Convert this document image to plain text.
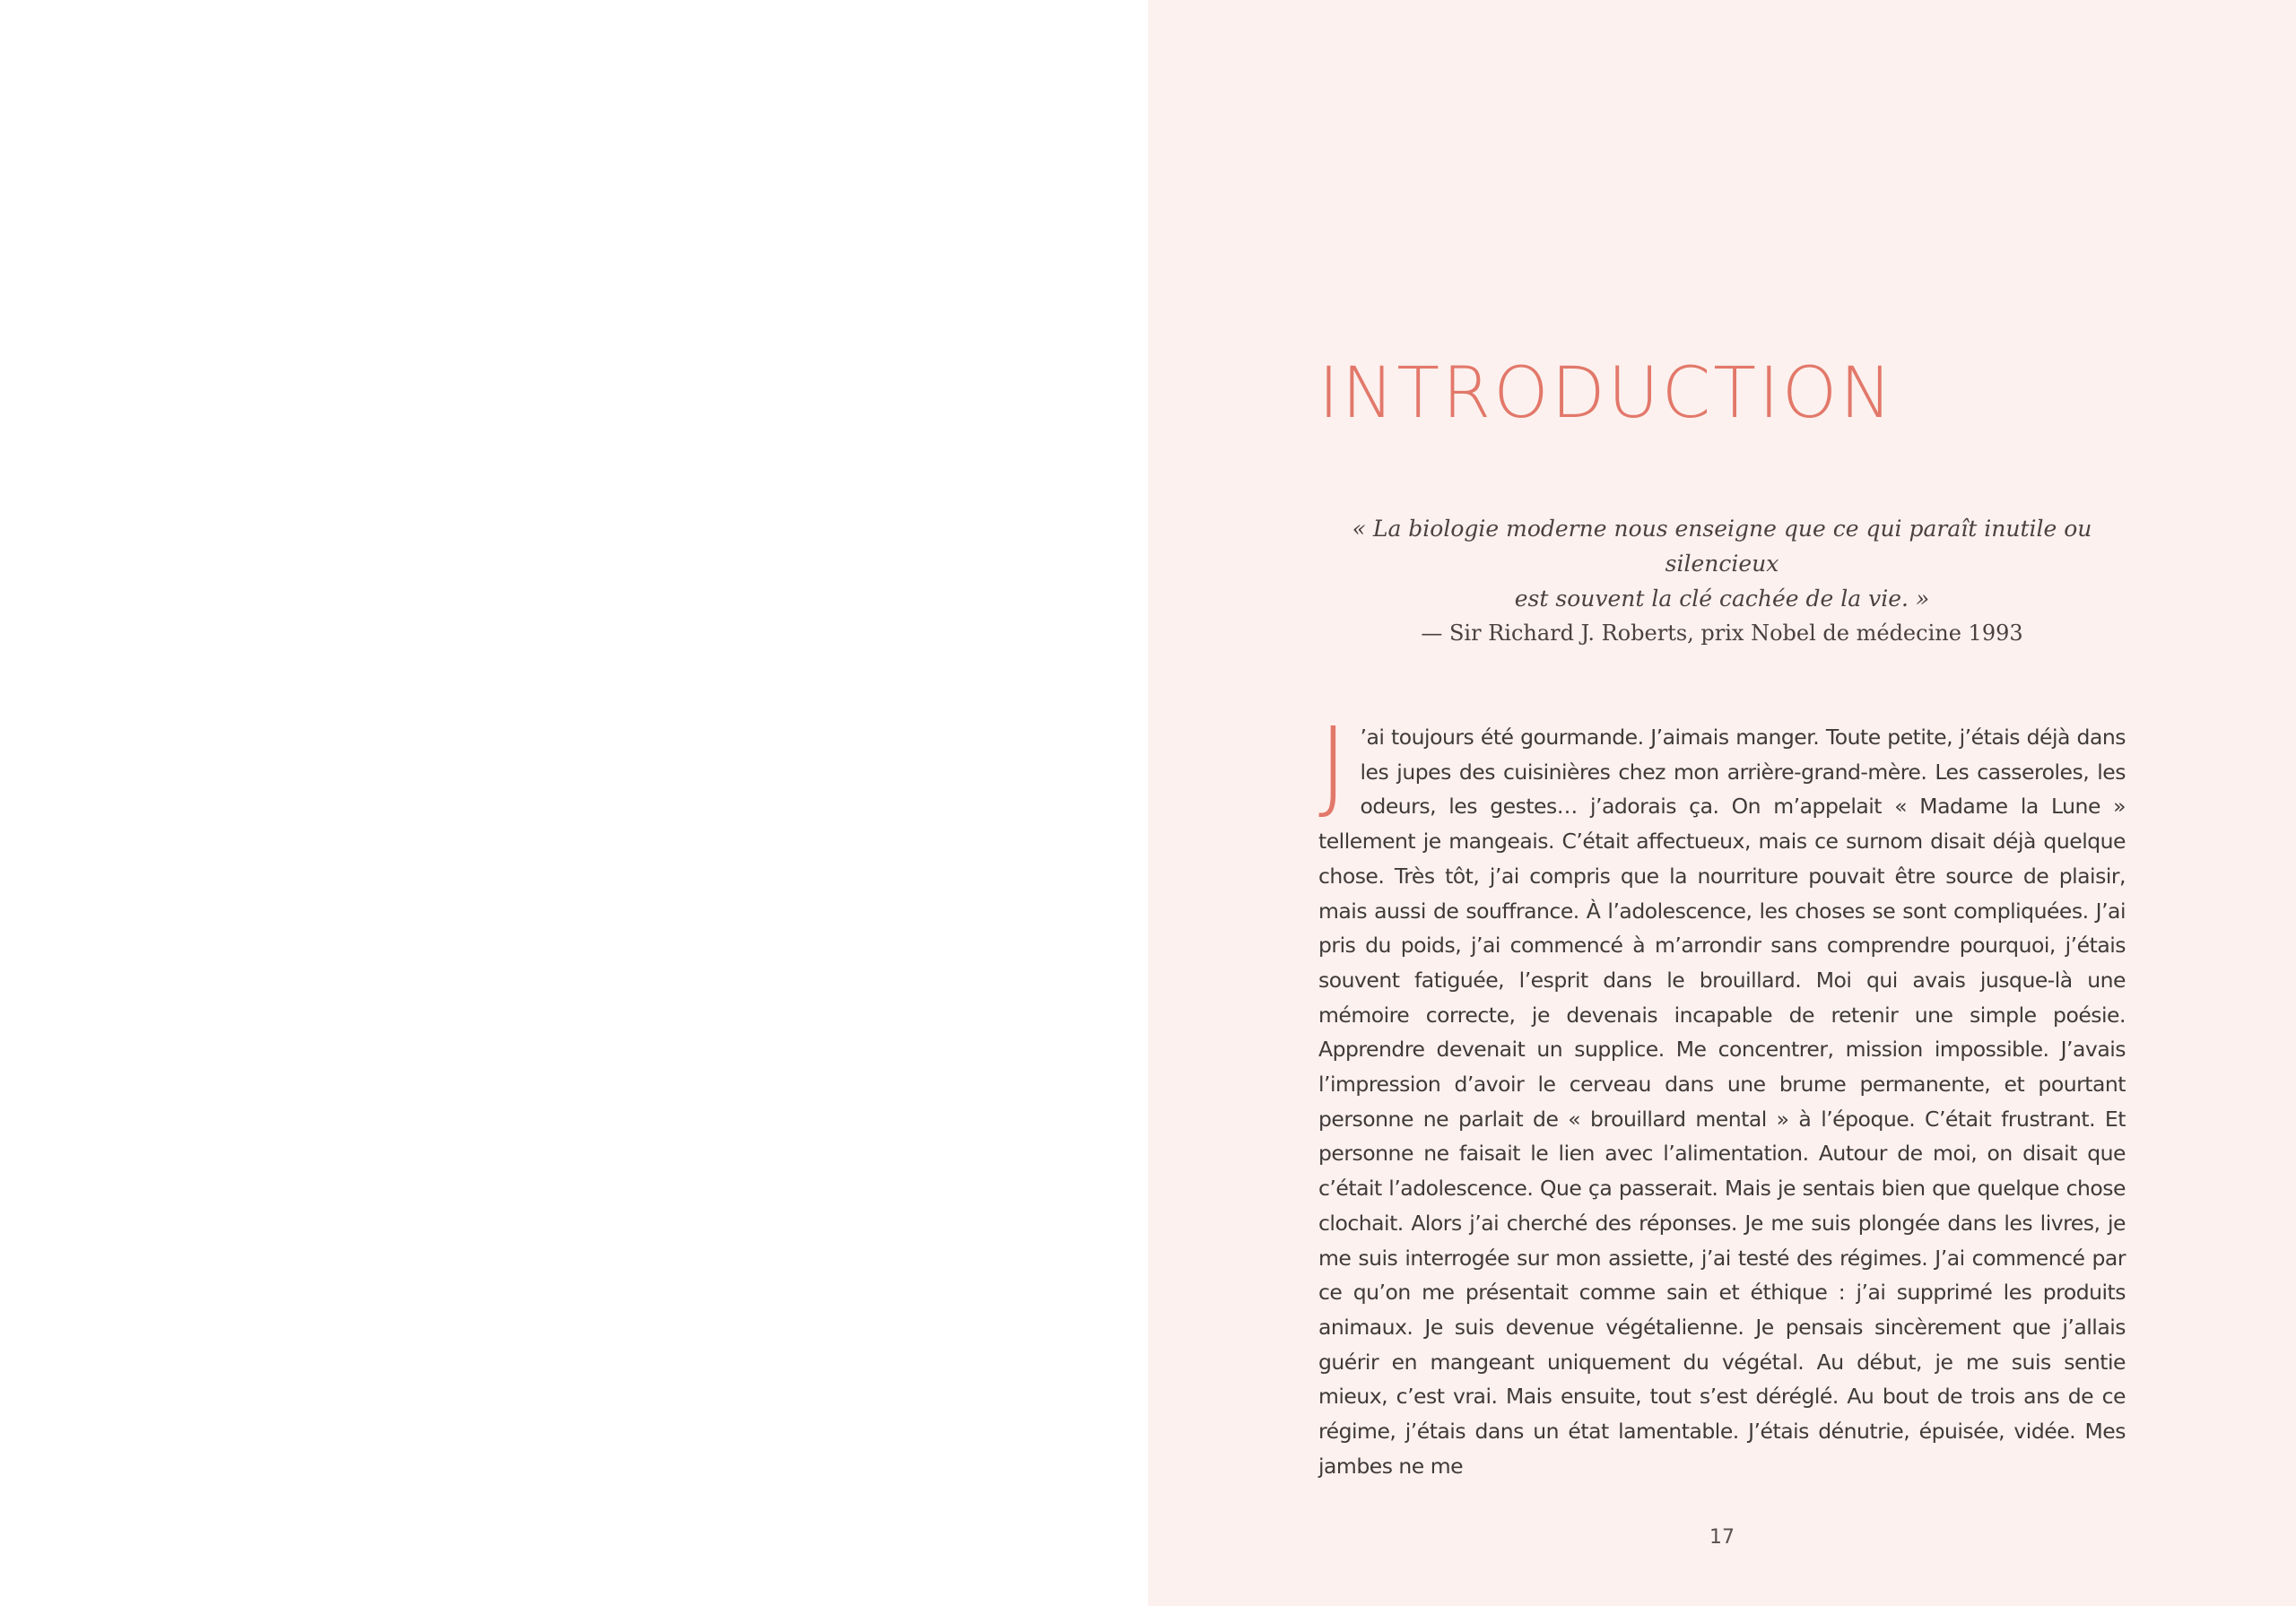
INTRODUCTION

« La biologie moderne nous enseigne que ce qui paraît inutile ou silencieux

est souvent la clé cachée de la vie. »

— Sir Richard J. Roberts, prix Nobel de médecine 1993

J ’ai toujours été gourmande. J’aimais manger. Toute petite, j’étais déjà dans les jupes des cuisinières chez mon arrière-grand-mère. Les casseroles, les odeurs, les gestes… j’adorais ça. On m’appelait « Madame la Lune » tellement je mangeais. C’était affectueux, mais ce surnom disait déjà quelque chose. Très tôt, j’ai compris que la nourriture pouvait être source de plaisir, mais aussi de souffrance. À l’adolescence, les choses se sont compliquées. J’ai pris du poids, j’ai commencé à m’arrondir sans comprendre pourquoi, j’étais souvent fatiguée, l’esprit dans le brouillard. Moi qui avais jusque-là une mémoire correcte, je devenais incapable de retenir une simple poésie. Apprendre devenait un supplice. Me concentrer, mission impossible. J’avais l’impression d’avoir le cerveau dans une brume permanente, et pourtant personne ne parlait de « brouillard mental » à l’époque. C’était frustrant. Et personne ne faisait le lien avec l’alimentation. Autour de moi, on disait que c’était l’adolescence. Que ça passerait. Mais je sentais bien que quelque chose clochait. Alors j’ai cherché des réponses. Je me suis plongée dans les livres, je me suis interrogée sur mon assiette, j’ai testé des régimes. J’ai commencé par ce qu’on me présentait comme sain et éthique : j’ai supprimé les produits animaux. Je suis devenue végétalienne. Je pensais sincèrement que j’allais guérir en mangeant uniquement du végétal. Au début, je me suis sentie mieux, c’est vrai. Mais ensuite, tout s’est déréglé. Au bout de trois ans de ce régime, j’étais dans un état lamentable. J’étais dénutrie, épuisée, vidée. Mes jambes ne me

17
